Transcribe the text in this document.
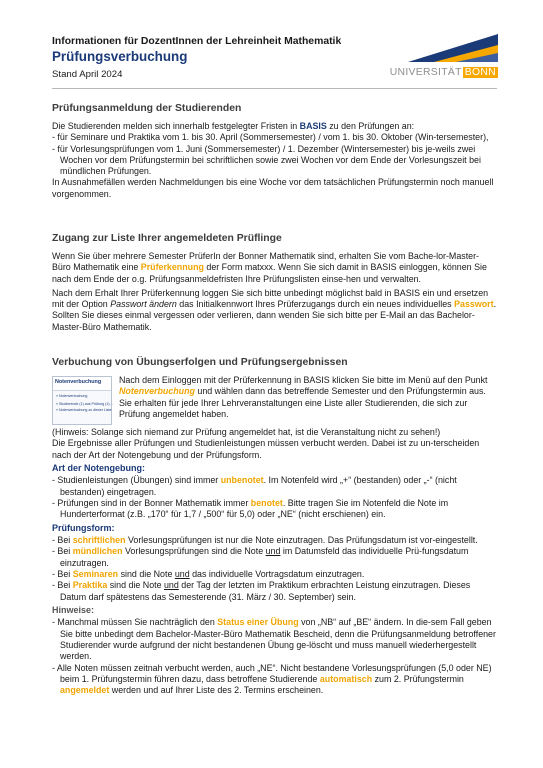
Informationen für DozentInnen der Lehreinheit Mathematik

Prüfungsverbuchung
Stand April 2024	UNIVERSITÄT BONN
Prüfungsanmeldung der Studierenden

Die Studierenden melden sich innerhalb festgelegter Fristen in BASIS zu den Prüfungen an:

- für Seminare und Praktika vom 1. bis 30. April (Sommersemester) / vom 1. bis 30. Oktober (Win-tersemester),

- für Vorlesungsprüfungen vom 1. Juni (Sommersemester) / 1. Dezember (Wintersemester) bis je-weils zwei Wochen vor dem Prüfungstermin bei schriftlichen sowie zwei Wochen vor dem Ende der Vorlesungszeit bei mündlichen Prüfungen.

In Ausnahmefällen werden Nachmeldungen bis eine Woche vor dem tatsächlichen Prüfungstermin noch manuell vorgenommen.

Zugang zur Liste Ihrer angemeldeten Prüflinge

Wenn Sie über mehrere Semester PrüferIn der Bonner Mathematik sind, erhalten Sie vom Bache-lor-Master-Büro Mathematik eine Prüferkennung der Form matxxx. Wenn Sie sich damit in BASIS einloggen, können Sie nach dem Ende der o.g. Prüfungsanmeldefristen Ihre Prüfungslisten einse-hen und verwalten.

Nach dem Erhalt Ihrer Prüferkennung loggen Sie sich bitte unbedingt möglichst bald in BASIS ein und ersetzen mit der Option Passwort ändern das Initialkennwort Ihres Prüferzugangs durch ein neues individuelles Passwort. Sollten Sie dieses einmal vergessen oder verlieren, dann wenden Sie sich bitte per E-Mail an das Bachelor-Master-Büro Mathematik.

Verbuchung von Übungserfolgen und Prüfungsergebnissen
Notenverbuchung
» Notenverbuchung
» Studierende (1) aus Prüfung (1) ...
» Notenverbuchung zu dieser Liste

Nach dem Einloggen mit der Prüferkennung in BASIS klicken Sie bitte im Menü auf den Punkt Notenverbuchung und wählen dann das betreffende Semester und den Prüfungstermin aus. Sie erhalten für jede Ihrer Lehrveranstaltungen eine Liste aller Studierenden, die sich zur Prüfung angemeldet haben.

(Hinweis: Solange sich niemand zur Prüfung angemeldet hat, ist die Veranstaltung nicht zu sehen!)

Die Ergebnisse aller Prüfungen und Studienleistungen müssen verbucht werden. Dabei ist zu un-terscheiden nach der Art der Notengebung und der Prüfungsform.

Art der Notengebung:

- Studienleistungen (Übungen) sind immer unbenotet. Im Notenfeld wird „+“ (bestanden) oder „-“ (nicht bestanden) eingetragen.

- Prüfungen sind in der Bonner Mathematik immer benotet. Bitte tragen Sie im Notenfeld die Note im Hunderterformat (z.B. „170“ für 1,7 / „500“ für 5,0) oder „NE“ (nicht erschienen) ein.

Prüfungsform:

- Bei schriftlichen Vorlesungsprüfungen ist nur die Note einzutragen. Das Prüfungsdatum ist vor-eingestellt.

- Bei mündlichen Vorlesungsprüfungen sind die Note und im Datumsfeld das individuelle Prü-fungsdatum einzutragen.

- Bei Seminaren sind die Note und das individuelle Vortragsdatum einzutragen.

- Bei Praktika sind die Note und der Tag der letzten im Praktikum erbrachten Leistung einzutragen. Dieses Datum darf spätestens das Semesterende (31. März / 30. September) sein.

Hinweise:

- Manchmal müssen Sie nachträglich den Status einer Übung von „NB“ auf „BE“ ändern. In die-sem Fall geben Sie bitte unbedingt dem Bachelor-Master-Büro Mathematik Bescheid, denn die Prüfungsanmeldung betroffener Studierender wurde aufgrund der nicht bestandenen Übung ge-löscht und muss manuell wiederhergestellt werden.

- Alle Noten müssen zeitnah verbucht werden, auch „NE“. Nicht bestandene Vorlesungsprüfungen (5,0 oder NE) beim 1. Prüfungstermin führen dazu, dass betroffene Studierende automatisch zum 2. Prüfungstermin angemeldet werden und auf Ihrer Liste des 2. Termins erscheinen.
